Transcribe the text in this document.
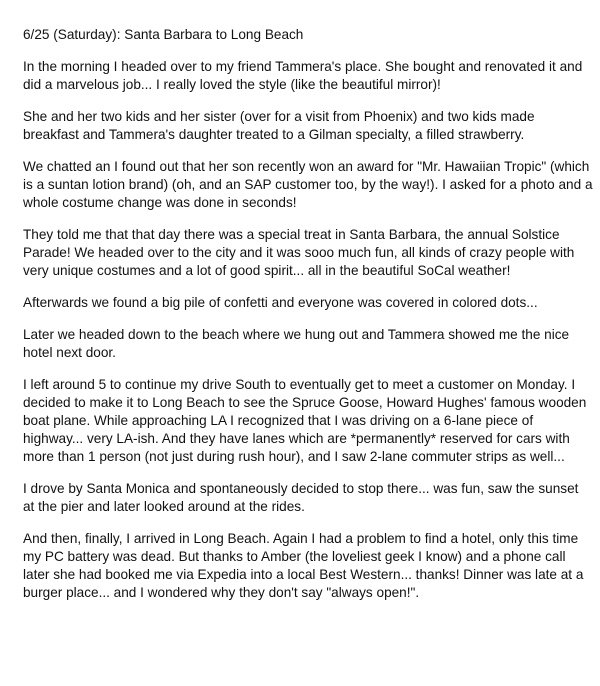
6/25 (Saturday): Santa Barbara to Long Beach

In the morning I headed over to my friend Tammera's place. She bought and renovated it and did a marvelous job... I really loved the style (like the beautiful mirror)!

She and her two kids and her sister (over for a visit from Phoenix) and two kids made breakfast and Tammera's daughter treated to a Gilman specialty, a filled strawberry.

We chatted an I found out that her son recently won an award for "Mr. Hawaiian Tropic" (which is a suntan lotion brand) (oh, and an SAP customer too, by the way!). I asked for a photo and a whole costume change was done in seconds!

They told me that that day there was a special treat in Santa Barbara, the annual Solstice Parade! We headed over to the city and it was sooo much fun, all kinds of crazy people with very unique costumes and a lot of good spirit... all in the beautiful SoCal weather!

Afterwards we found a big pile of confetti and everyone was covered in colored dots...

Later we headed down to the beach where we hung out and Tammera showed me the nice hotel next door.

I left around 5 to continue my drive South to eventually get to meet a customer on Monday. I decided to make it to Long Beach to see the Spruce Goose, Howard Hughes' famous wooden boat plane. While approaching LA I recognized that I was driving on a 6-lane piece of highway... very LA-ish. And they have lanes which are *permanently* reserved for cars with more than 1 person (not just during rush hour), and I saw 2-lane commuter strips as well...

I drove by Santa Monica and spontaneously decided to stop there... was fun, saw the sunset at the pier and later looked around at the rides.

And then, finally, I arrived in Long Beach. Again I had a problem to find a hotel, only this time my PC battery was dead. But thanks to Amber (the loveliest geek I know) and a phone call later she had booked me via Expedia into a local Best Western... thanks! Dinner was late at a burger place... and I wondered why they don't say "always open!".
